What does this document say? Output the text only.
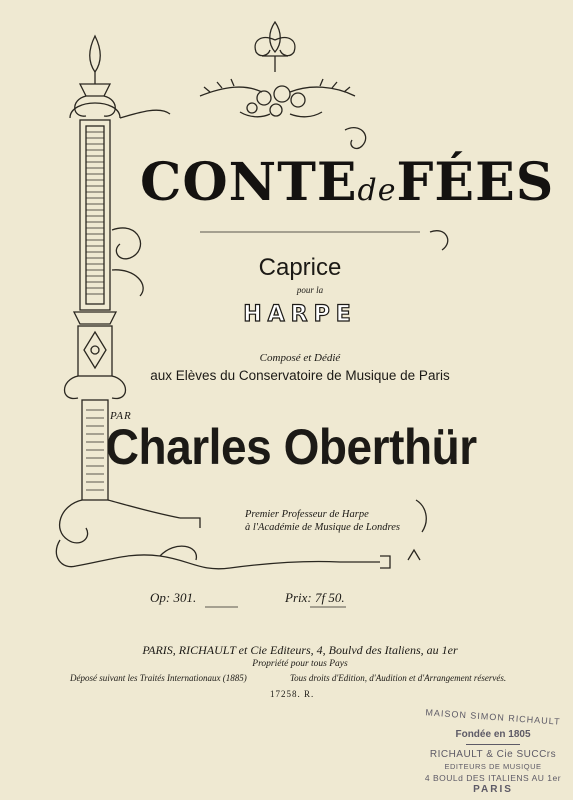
CONTEdeFÉES
Caprice
pour la
HARPE
Composé et Dédié
aux Elèves du Conservatoire de Musique de Paris
PAR
Charles Oberthür
Premier Professeur de Harpe
à l'Académie de Musique de Londres
Op: 301.	Prix: 7f 50.
PARIS, RICHAULT et Cie Editeurs, 4, Boulvd des Italiens, au 1er
Propriété pour tous Pays
Déposé suivant les Traités Internationaux (1885)	Tous droits d'Edition, d'Audition et d'Arrangement réservés.
17258. R.
MAISON SIMON RICHAULT
Fondée en 1805
RICHAULT & Cie SUCCrs
EDITEURS DE MUSIQUE
4 BOULd DES ITALIENS AU 1er
PARIS
